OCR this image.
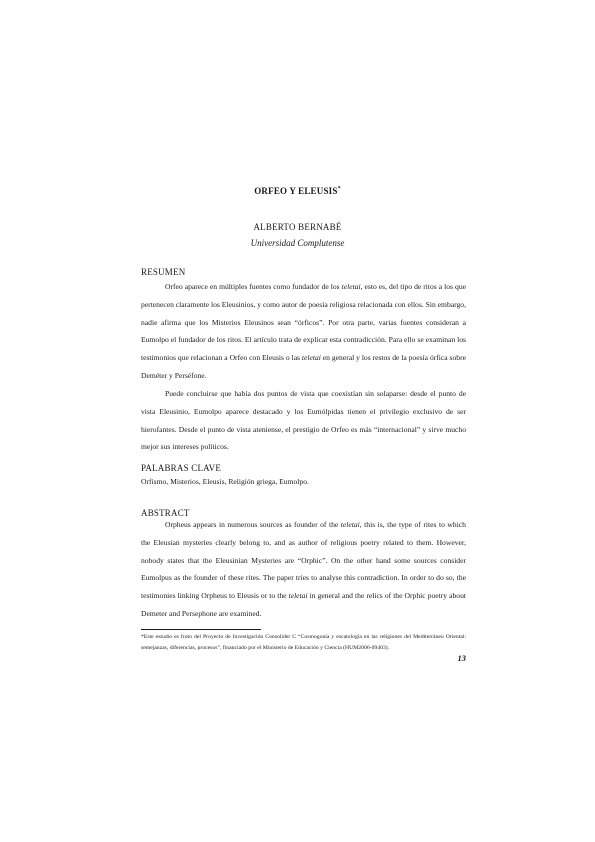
ORFEO Y ELEUSIS*
ALBERTO BERNABÉ
Universidad Complutense
RESUMEN

Orfeo aparece en múltiples fuentes como fundador de los teletai, esto es, del tipo de ritos a los que pertenecen claramente los Eleusinios, y como autor de poesía religiosa relacionada con ellos. Sin embargo, nadie afirma que los Misterios Eleusinos sean “órficos”. Por otra parte, varias fuentes consideran a Eumolpo el fundador de los ritos. El artículo trata de explicar esta contradicción. Para ello se examinan los testimonios que relacionan a Orfeo con Eleusis o las teletai en general y los restos de la poesía órfica sobre Deméter y Perséfone.

Puede concluirse que había dos puntos de vista que coexistían sin solaparse: desde el punto de vista Eleusinio, Eumolpo aparece destacado y los Eumólpidas tienen el privilegio exclusivo de ser hierofantes. Desde el punto de vista ateniense, el prestigio de Orfeo es más “internacional” y sirve mucho mejor sus intereses políticos.

PALABRAS CLAVE
Orfismo, Misterios, Eleusis, Religión griega, Eumolpo.
ABSTRACT

Orpheus appears in numerous sources as founder of the teletai, this is, the type of rites to which the Eleusian mysteries clearly belong to, and as author of religious poetry related to them. However, nobody states that the Eleusinian Mysteries are “Orphic”. On the other hand some sources consider Eumolpus as the founder of these rites. The paper tries to analyse this contradiction. In order to do so, the testimonies linking Orpheus to Eleusis or to the teletai in general and the relics of the Orphic poetry about Demeter and Persephone are examined.

*Este estudio es fruto del Proyecto de Investigación Consolider C “Cosmogonía y escatología en las religiones del Mediterráneo Oriental: semejanzas, diferencias, procesos”, financiado por el Ministerio de Educación y Ciencia (HUM2006-09403).

13
